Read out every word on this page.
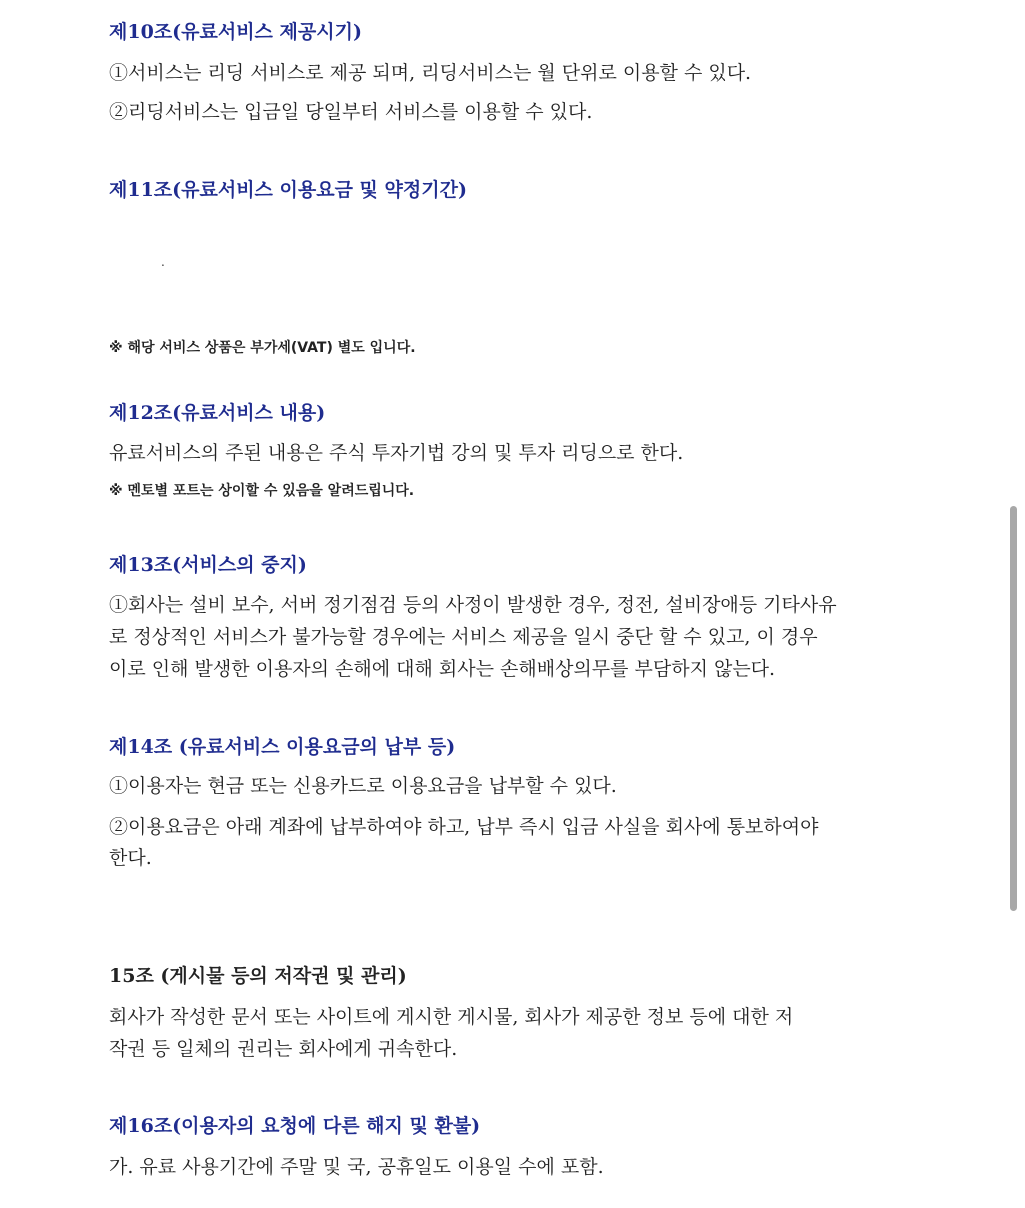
제10조(유료서비스 제공시기)

①서비스는 리딩 서비스로 제공 되며, 리딩서비스는 월 단위로 이용할 수 있다.

②리딩서비스는 입금일 당일부터 서비스를 이용할 수 있다.

제11조(유료서비스 이용요금 및 약정기간)

.

※ 해당 서비스 상품은 부가세(VAT) 별도 입니다.

제12조(유료서비스 내용)

유료서비스의 주된 내용은 주식 투자기법 강의 및 투자 리딩으로 한다.

※ 멘토별 포트는 상이할 수 있음을 알려드립니다.

제13조(서비스의 중지)

①회사는 설비 보수, 서버 정기점검 등의 사정이 발생한 경우, 정전, 설비장애등 기타사유

로 정상적인 서비스가 불가능할 경우에는 서비스 제공을 일시 중단 할 수 있고, 이 경우

이로 인해 발생한 이용자의 손해에 대해 회사는 손해배상의무를 부담하지 않는다.

제14조 (유료서비스 이용요금의 납부 등)

①이용자는 현금 또는 신용카드로 이용요금을 납부할 수 있다.

②이용요금은 아래 계좌에 납부하여야 하고, 납부 즉시 입금 사실을 회사에 통보하여야

한다.

15조 (게시물 등의 저작권 및 관리)

회사가 작성한 문서 또는 사이트에 게시한 게시물, 회사가 제공한 정보 등에 대한 저

작권 등 일체의 권리는 회사에게 귀속한다.

제16조(이용자의 요청에 다른 해지 및 환불)

가. 유료 사용기간에 주말 및 국, 공휴일도 이용일 수에 포함.
